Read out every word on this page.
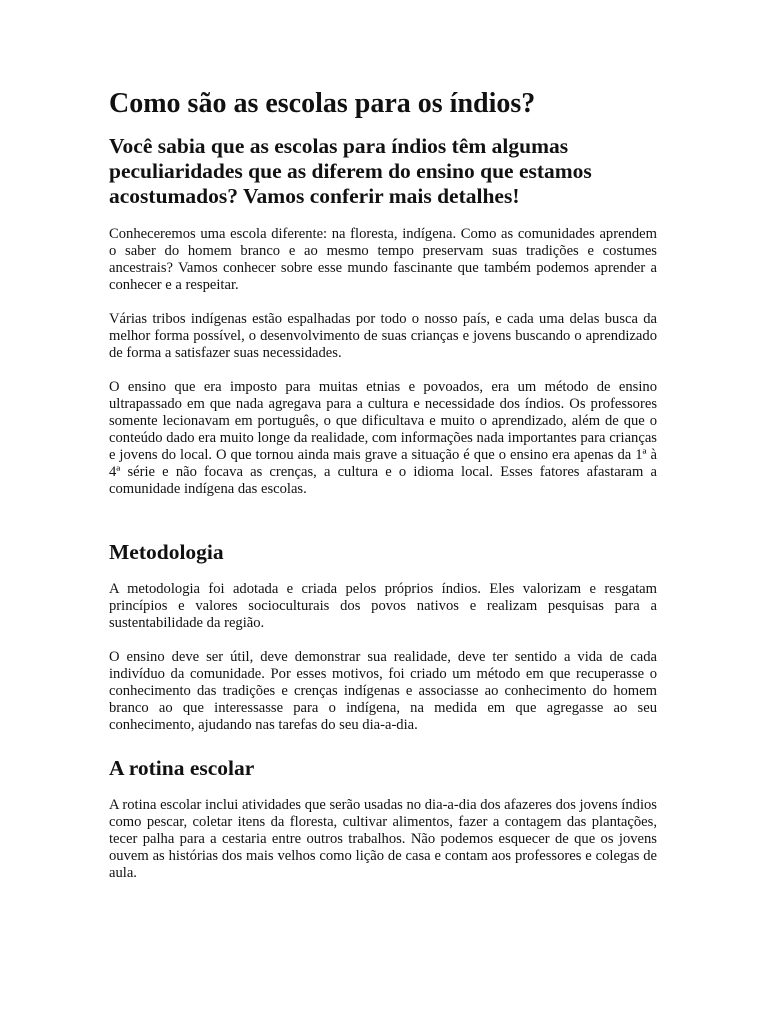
Como são as escolas para os índios?
Você sabia que as escolas para índios têm algumas peculiaridades que as diferem do ensino que estamos acostumados? Vamos conferir mais detalhes!

Conheceremos uma escola diferente: na floresta, indígena. Como as comunidades aprendem o saber do homem branco e ao mesmo tempo preservam suas tradições e costumes ancestrais? Vamos conhecer sobre esse mundo fascinante que também podemos aprender a conhecer e a respeitar.

Várias tribos indígenas estão espalhadas por todo o nosso país, e cada uma delas busca da melhor forma possível, o desenvolvimento de suas crianças e jovens buscando o aprendizado de forma a satisfazer suas necessidades.

O ensino que era imposto para muitas etnias e povoados, era um método de ensino ultrapassado em que nada agregava para a cultura e necessidade dos índios. Os professores somente lecionavam em português, o que dificultava e muito o aprendizado, além de que o conteúdo dado era muito longe da realidade, com informações nada importantes para crianças e jovens do local. O que tornou ainda mais grave a situação é que o ensino era apenas da 1ª à 4ª série e não focava as crenças, a cultura e o idioma local. Esses fatores afastaram a comunidade indígena das escolas.

Metodologia

A metodologia foi adotada e criada pelos próprios índios. Eles valorizam e resgatam princípios e valores socioculturais dos povos nativos e realizam pesquisas para a sustentabilidade da região.

O ensino deve ser útil, deve demonstrar sua realidade, deve ter sentido a vida de cada indivíduo da comunidade. Por esses motivos, foi criado um método em que recuperasse o conhecimento das tradições e crenças indígenas e associasse ao conhecimento do homem branco ao que interessasse para o indígena, na medida em que agregasse ao seu conhecimento, ajudando nas tarefas do seu dia-a-dia.

A rotina escolar

A rotina escolar inclui atividades que serão usadas no dia-a-dia dos afazeres dos jovens índios como pescar, coletar itens da floresta, cultivar alimentos, fazer a contagem das plantações, tecer palha para a cestaria entre outros trabalhos. Não podemos esquecer de que os jovens ouvem as histórias dos mais velhos como lição de casa e contam aos professores e colegas de aula.
